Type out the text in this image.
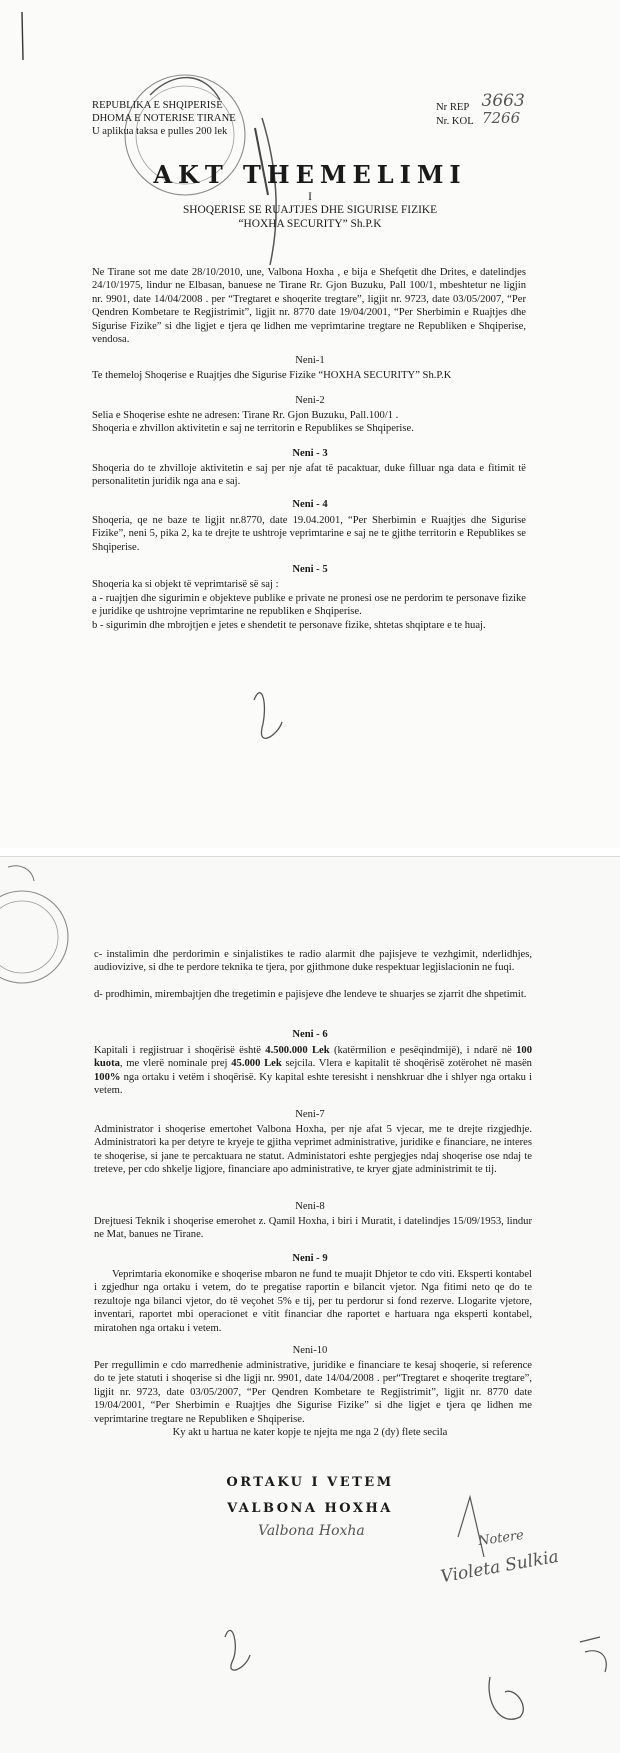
REPUBLIKA E SHQIPERISE
DHOMA E NOTERISE TIRANE
U aplikua taksa e pulles 200 lek
Nr REP 3663
Nr. KOL 7266
AKT THEMELIMI
I
SHOQERISE SE RUAJTJES DHE SIGURISE FIZIKE
“HOXHA SECURITY” Sh.P.K
Ne Tirane sot me date 28/10/2010, une, Valbona Hoxha , e bija e Shefqetit dhe Drites, e datelindjes 24/10/1975, lindur ne Elbasan, banuese ne Tirane Rr. Gjon Buzuku, Pall 100/1, mbeshtetur ne ligjin nr. 9901, date 14/04/2008 . per “Tregtaret e shoqerite tregtare”, ligjit nr. 9723, date 03/05/2007, “Per Qendren Kombetare te Regjistrimit”, ligjit nr. 8770 date 19/04/2001, “Per Sherbimin e Ruajtjes dhe Sigurise Fizike” si dhe ligjet e tjera qe lidhen me veprimtarine tregtare ne Republiken e Shqiperise, vendosa.
Neni-1
Te themeloj Shoqerise e Ruajtjes dhe Sigurise Fizike “HOXHA SECURITY” Sh.P.K
Neni-2
Selia e Shoqerise eshte ne adresen: Tirane Rr. Gjon Buzuku, Pall.100/1 .
Shoqeria e zhvillon aktivitetin e saj ne territorin e Republikes se Shqiperise.
Neni - 3
Shoqeria do te zhvilloje aktivitetin e saj per nje afat të pacaktuar, duke filluar nga data e fitimit të personalitetin juridik nga ana e saj.
Neni - 4
Shoqeria, qe ne baze te ligjit nr.8770, date 19.04.2001, “Per Sherbimin e Ruajtjes dhe Sigurise Fizike”, neni 5, pika 2, ka te drejte te ushtroje veprimtarine e saj ne te gjithe territorin e Republikes se Shqiperise.
Neni - 5
Shoqeria ka si objekt të veprimtarisë së saj :
a - ruajtjen dhe sigurimin e objekteve publike e private ne pronesi ose ne perdorim te personave fizike e juridike qe ushtrojne veprimtarine ne republiken e Shqiperise.
b - sigurimin dhe mbrojtjen e jetes e shendetit te personave fizike, shtetas shqiptare e te huaj.
c- instalimin dhe perdorimin e sinjalistikes te radio alarmit dhe pajisjeve te vezhgimit, nderlidhjes, audiovizive, si dhe te perdore teknika te tjera, por gjithmone duke respektuar legjislacionin ne fuqi.
d- prodhimin, mirembajtjen dhe tregetimin e pajisjeve dhe lendeve te shuarjes se zjarrit dhe shpetimit.
Neni - 6
Kapitali i regjistruar i shoqërisë është 4.500.000 Lek (katërmilion e pesëqindmijë), i ndarë në 100 kuota, me vlerë nominale prej 45.000 Lek sejcila. Vlera e kapitalit të shoqërisë zotërohet në masën 100% nga ortaku i vetëm i shoqërisë. Ky kapital eshte teresisht i nenshkruar dhe i shlyer nga ortaku i vetem.
Neni-7
Administrator i shoqerise emertohet Valbona Hoxha, per nje afat 5 vjecar, me te drejte rizgjedhje. Administratori ka per detyre te kryeje te gjitha veprimet administrative, juridike e financiare, ne interes te shoqerise, si jane te percaktuara ne statut. Administatori eshte pergjegjes ndaj shoqerise ose ndaj te treteve, per cdo shkelje ligjore, financiare apo administrative, te kryer gjate administrimit te tij.
Neni-8
Drejtuesi Teknik i shoqerise emerohet z. Qamil Hoxha, i biri i Muratit, i datelindjes 15/09/1953, lindur ne Mat, banues ne Tirane.
Neni - 9
Veprimtaria ekonomike e shoqerise mbaron ne fund te muajit Dhjetor te cdo viti. Eksperti kontabel i zgjedhur nga ortaku i vetem, do te pregatise raportin e bilancit vjetor. Nga fitimi neto qe do te rezultoje nga bilanci vjetor, do të veçohet 5% e tij, per tu perdorur si fond rezerve. Llogarite vjetore, inventari, raportet mbi operacionet e vitit financiar dhe raportet e hartuara nga eksperti kontabel, miratohen nga ortaku i vetem.
Neni-10
Per rregullimin e cdo marredhenie administrative, juridike e financiare te kesaj shoqerie, si reference do te jete statuti i shoqerise si dhe ligji nr. 9901, date 14/04/2008 . per“Tregtaret e shoqerite tregtare”, ligjit nr. 9723, date 03/05/2007, “Per Qendren Kombetare te Regjistrimit”, ligjit nr. 8770 date 19/04/2001, “Per Sherbimin e Ruajtjes dhe Sigurise Fizike” si dhe ligjet e tjera qe lidhen me veprimtarine tregtare ne Republiken e Shqiperise.
Ky akt u hartua ne kater kopje te njejta me nga 2 (dy) flete secila
ORTAKU I VETEM
VALBONA HOXHA
Valbona Hoxha	Notere
Violeta Sulkia
